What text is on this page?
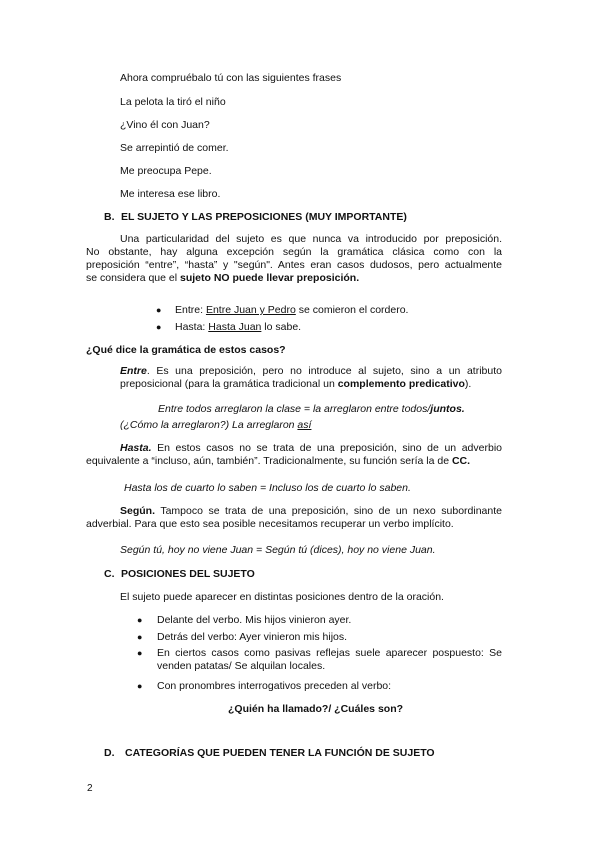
Ahora compruébalo tú con las siguientes frases
La pelota la tiró el niño
¿Vino él con Juan?
Se arrepintió de comer.
Me preocupa Pepe.
Me interesa ese libro.
B. EL SUJETO Y LAS PREPOSICIONES (MUY IMPORTANTE)
Una particularidad del sujeto es que nunca va introducido por preposición.
No obstante, hay alguna excepción según la gramática clásica como con la
preposición “entre”, “hasta” y "según". Antes eran casos dudosos, pero actualmente
se considera que el sujeto NO puede llevar preposición.
● Entre: Entre Juan y Pedro se comieron el cordero.
● Hasta: Hasta Juan lo sabe.
¿Qué dice la gramática de estos casos?
Entre. Es una preposición, pero no introduce al sujeto, sino a un atributo
preposicional (para la gramática tradicional un complemento predicativo).
Entre todos arreglaron la clase = la arreglaron entre todos/juntos.
(¿Cómo la arreglaron?) La arreglaron así
Hasta. En estos casos no se trata de una preposición, sino de un adverbio
equivalente a “incluso, aún, también”. Tradicionalmente, su función sería la de CC.
Hasta los de cuarto lo saben = Incluso los de cuarto lo saben.
Según. Tampoco se trata de una preposición, sino de un nexo subordinante
adverbial. Para que esto sea posible necesitamos recuperar un verbo implícito.
Según tú, hoy no viene Juan = Según tú (dices), hoy no viene Juan.
C. POSICIONES DEL SUJETO
El sujeto puede aparecer en distintas posiciones dentro de la oración.
● Delante del verbo. Mis hijos vinieron ayer.
● Detrás del verbo: Ayer vinieron mis hijos.
● En ciertos casos como pasivas reflejas suele aparecer pospuesto: Se venden patatas/ Se alquilan locales.
● Con pronombres interrogativos preceden al verbo:
¿Quién ha llamado?/ ¿Cuáles son?
D. CATEGORÍAS QUE PUEDEN TENER LA FUNCIÓN DE SUJETO
2
